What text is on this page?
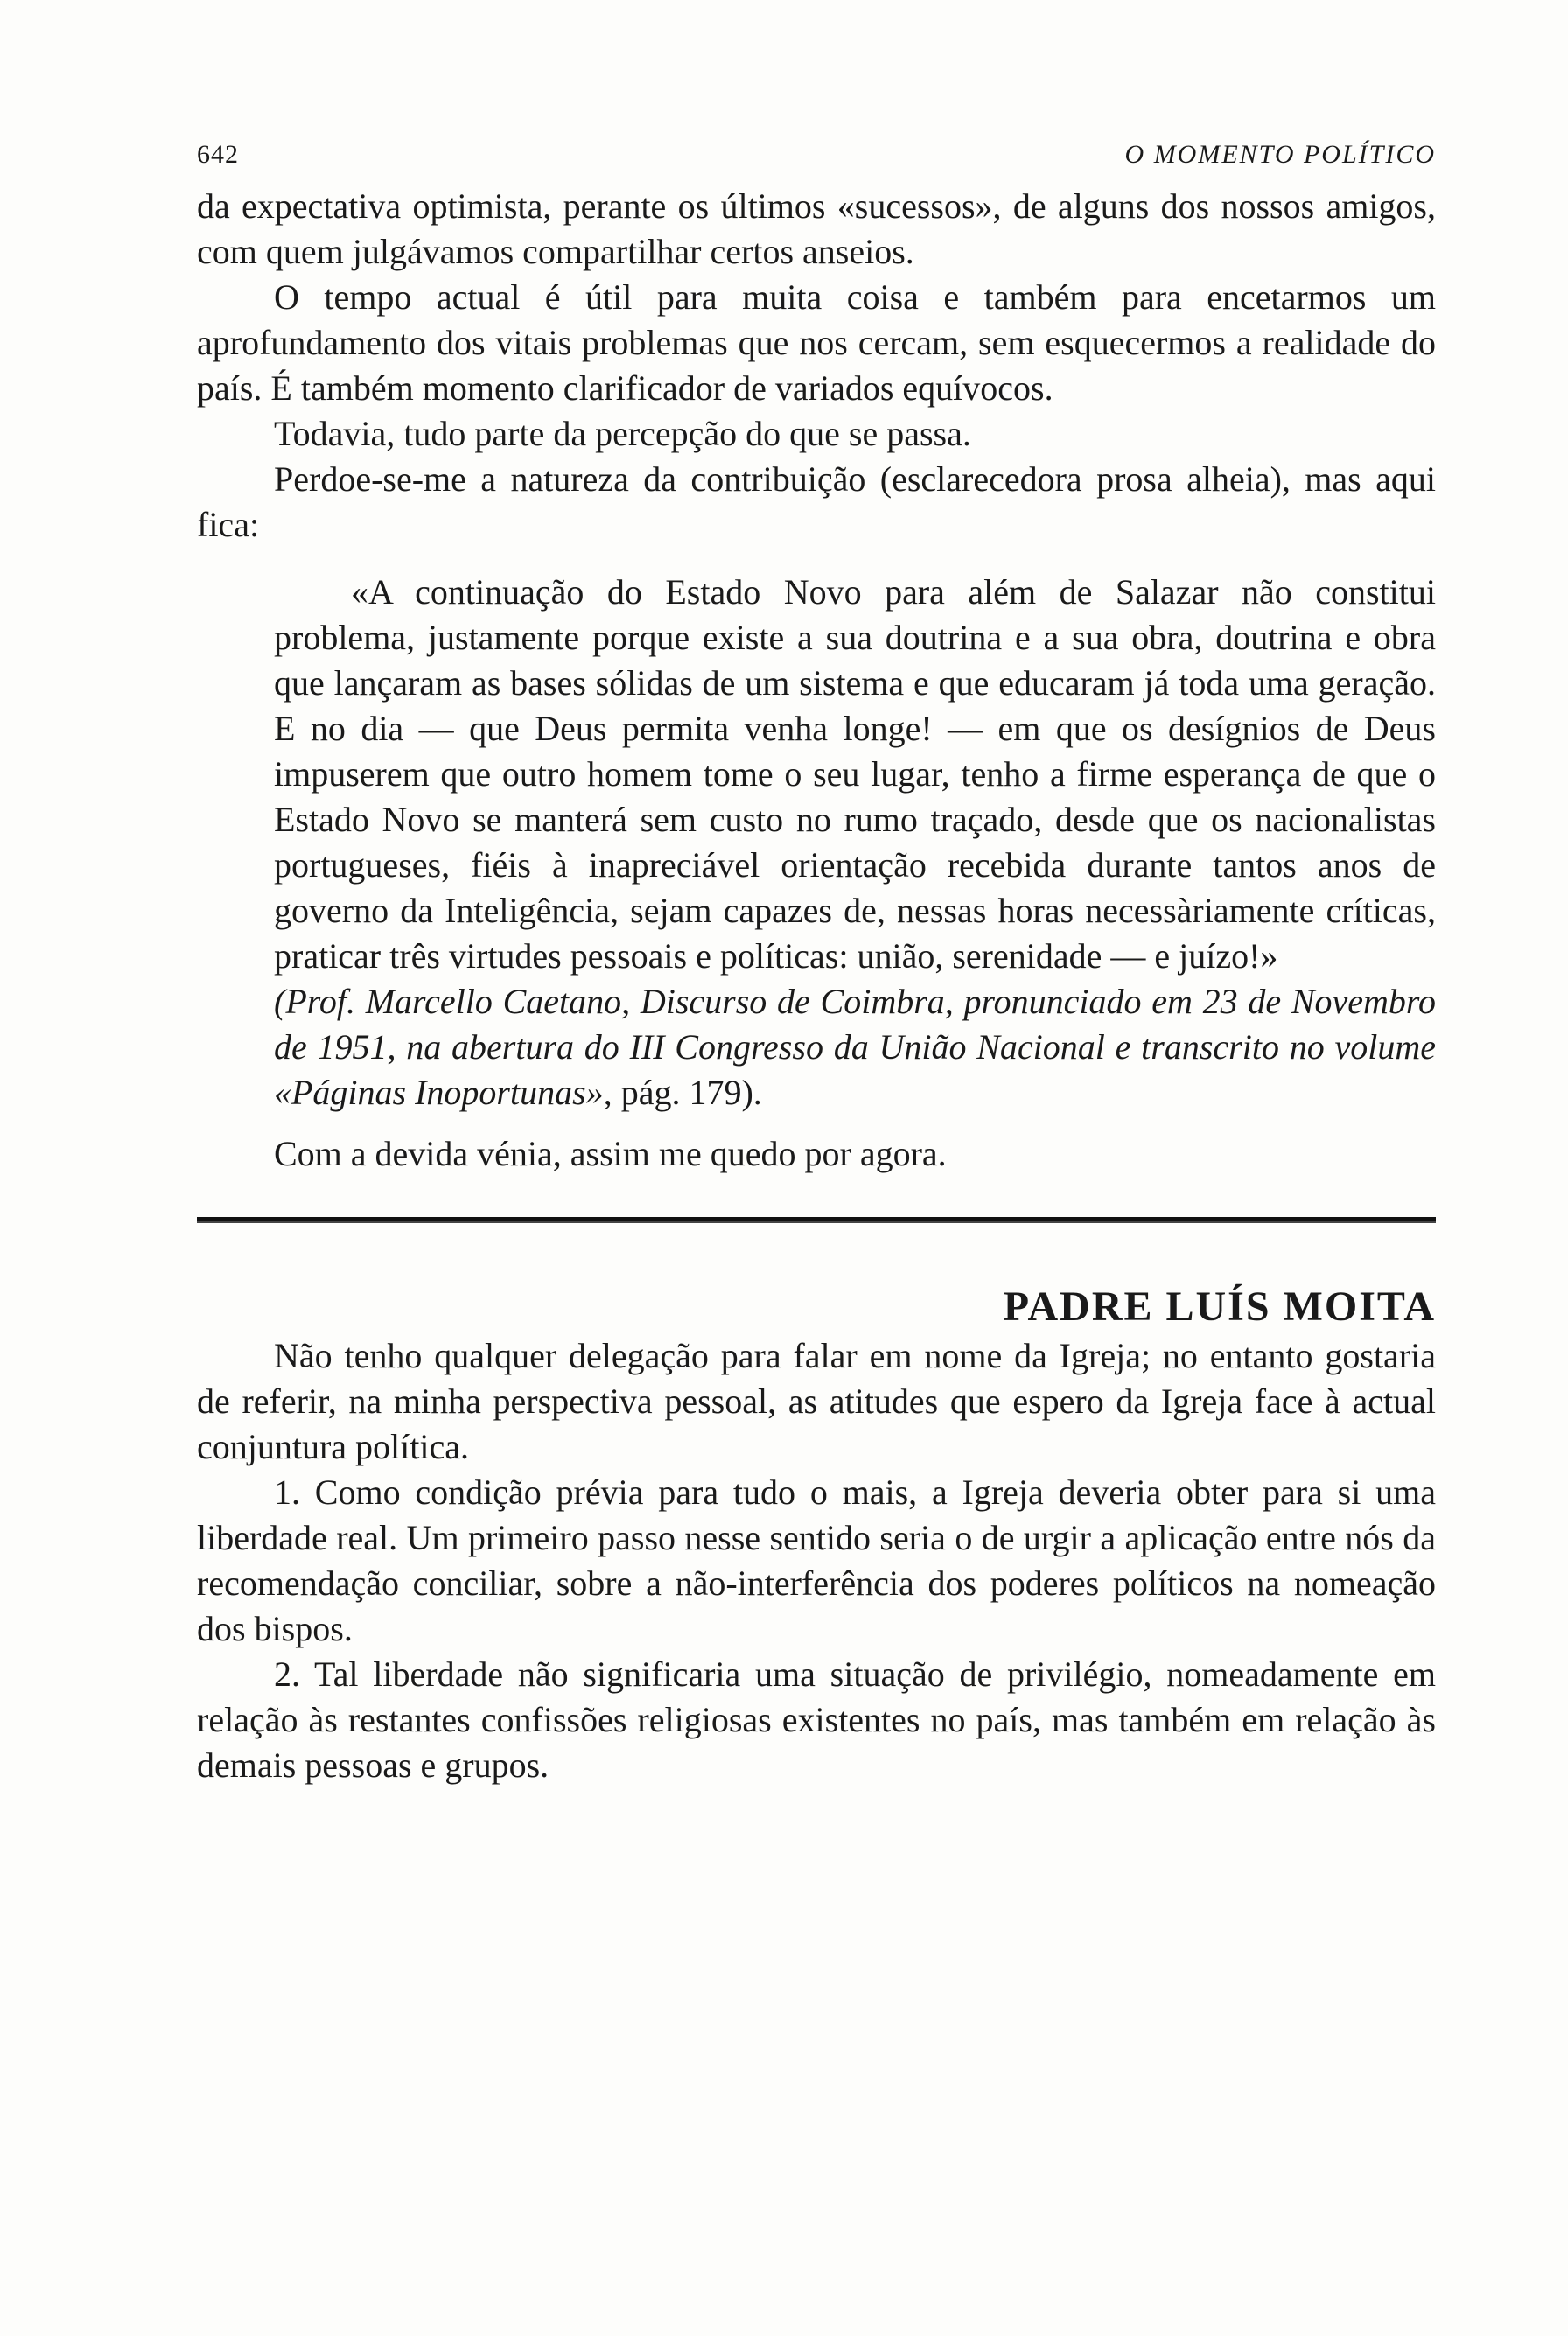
642	O MOMENTO POLÍTICO

da expectativa optimista, perante os últimos «sucessos», de alguns dos nossos amigos, com quem julgávamos compartilhar certos anseios.

O tempo actual é útil para muita coisa e também para encetarmos um aprofundamento dos vitais problemas que nos cercam, sem esquecermos a realidade do país. É também momento clarificador de variados equívocos.

Todavia, tudo parte da percepção do que se passa.

Perdoe-se-me a natureza da contribuição (esclarecedora prosa alheia), mas aqui fica:

«A continuação do Estado Novo para além de Salazar não constitui problema, justamente porque existe a sua doutrina e a sua obra, doutrina e obra que lançaram as bases sólidas de um sistema e que educaram já toda uma geração. E no dia — que Deus permita venha longe! — em que os desígnios de Deus impuserem que outro homem tome o seu lugar, tenho a firme esperança de que o Estado Novo se manterá sem custo no rumo traçado, desde que os nacionalistas portugueses, fiéis à inapreciável orientação recebida durante tantos anos de governo da Inteligência, sejam capazes de, nessas horas necessàriamente críticas, praticar três virtudes pessoais e políticas: união, serenidade — e juízo!»

(Prof. Marcello Caetano, Discurso de Coimbra, pronunciado em 23 de Novembro de 1951, na abertura do III Congresso da União Nacional e transcrito no volume «Páginas Inoportunas», pág. 179).

Com a devida vénia, assim me quedo por agora.

PADRE LUÍS MOITA

Não tenho qualquer delegação para falar em nome da Igreja; no entanto gostaria de referir, na minha perspectiva pessoal, as atitudes que espero da Igreja face à actual conjuntura política.

1. Como condição prévia para tudo o mais, a Igreja deveria obter para si uma liberdade real. Um primeiro passo nesse sentido seria o de urgir a aplicação entre nós da recomendação conciliar, sobre a não-interferência dos poderes políticos na nomeação dos bispos.

2. Tal liberdade não significaria uma situação de privilégio, nomeadamente em relação às restantes confissões religiosas existentes no país, mas também em relação às demais pessoas e grupos.
